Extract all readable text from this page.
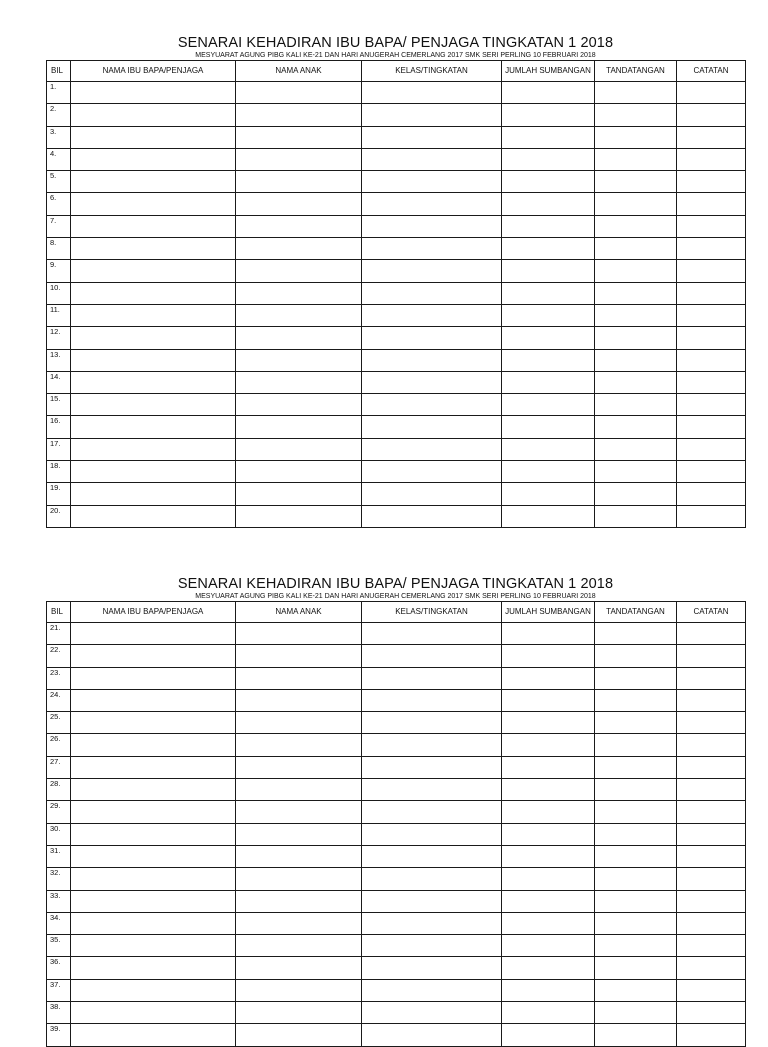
SENARAI KEHADIRAN IBU BAPA/ PENJAGA TINGKATAN 1 2018
MESYUARAT AGUNG PIBG KALI KE-21 DAN HARI ANUGERAH CEMERLANG 2017 SMK SERI PERLING 10 FEBRUARI 2018
BIL	NAMA IBU BAPA/PENJAGA	NAMA ANAK	KELAS/TINGKATAN	JUMLAH SUMBANGAN	TANDATANGAN	CATATAN
1.						
2.						
3.						
4.						
5.						
6.						
7.						
8.						
9.						
10.						
11.						
12.						
13.						
14.						
15.						
16.						
17.						
18.						
19.						
20.						
SENARAI KEHADIRAN IBU BAPA/ PENJAGA TINGKATAN 1 2018
MESYUARAT AGUNG PIBG KALI KE-21 DAN HARI ANUGERAH CEMERLANG 2017 SMK SERI PERLING 10 FEBRUARI 2018
BIL	NAMA IBU BAPA/PENJAGA	NAMA ANAK	KELAS/TINGKATAN	JUMLAH SUMBANGAN	TANDATANGAN	CATATAN
21.						
22.						
23.						
24.						
25.						
26.						
27.						
28.						
29.						
30.						
31.						
32.						
33.						
34.						
35.						
36.						
37.						
38.						
39.						
